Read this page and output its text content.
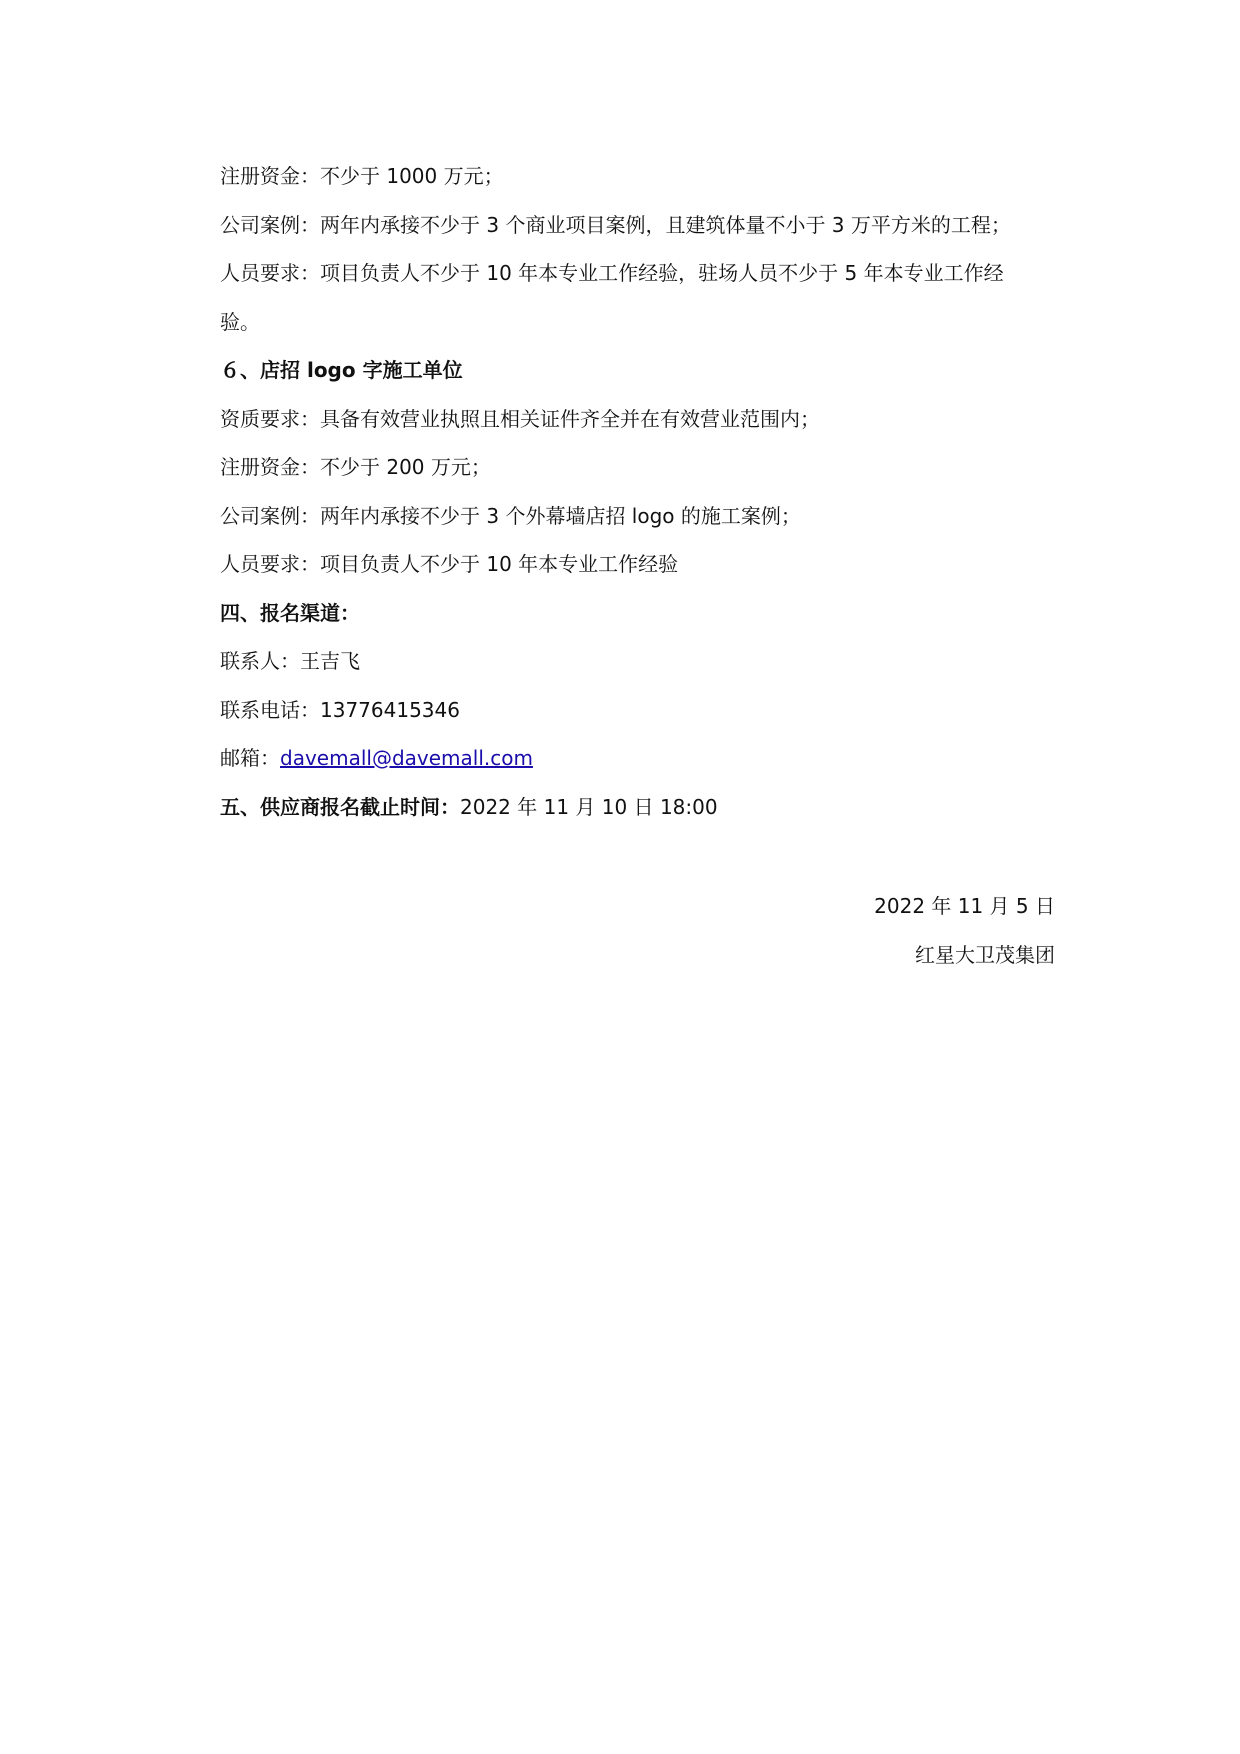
注册资金：不少于 1000 万元；
公司案例：两年内承接不少于 3 个商业项目案例，且建筑体量不小于 3 万平方米的工程；
人员要求：项目负责人不少于 10 年本专业工作经验，驻场人员不少于 5 年本专业工作经
验。
６、店招 logo 字施工单位
资质要求：具备有效营业执照且相关证件齐全并在有效营业范围内；
注册资金：不少于 200 万元；
公司案例：两年内承接不少于 3 个外幕墙店招 logo 的施工案例；
人员要求：项目负责人不少于 10 年本专业工作经验
四、报名渠道：
联系人：王吉飞
联系电话：13776415346
邮箱：davemall@davemall.com
五、供应商报名截止时间：2022 年 11 月 10 日 18:00
2022 年 11 月 5 日
红星大卫茂集团
